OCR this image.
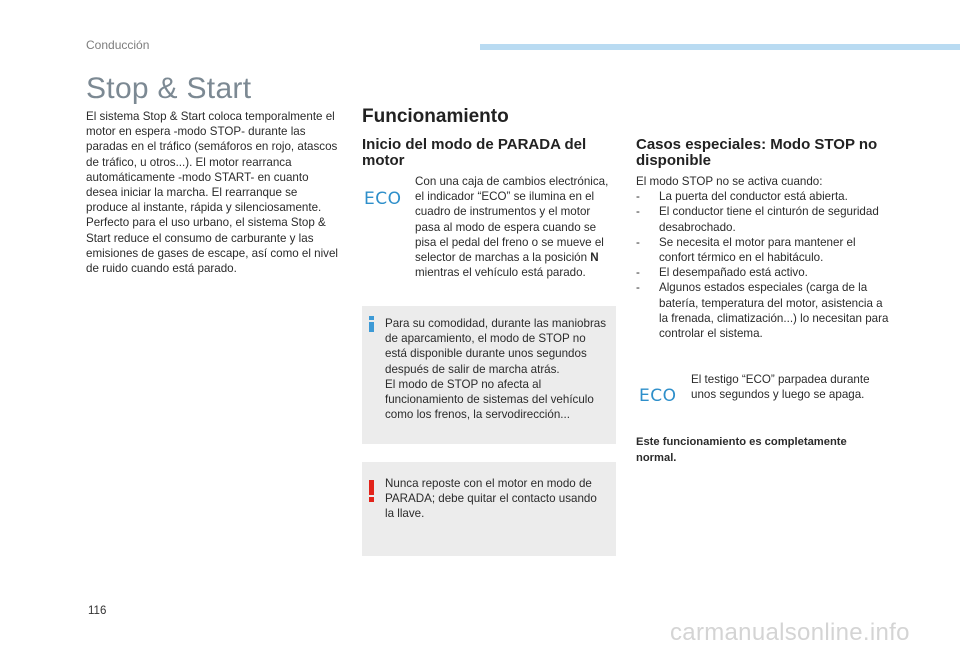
Conducción
Stop & Start

El sistema Stop & Start coloca temporalmente el motor en espera -modo STOP- durante las paradas en el tráfico (semáforos en rojo, atascos de tráfico, u otros...). El motor rearranca automáticamente -modo START- en cuanto desea iniciar la marcha. El rearranque se produce al instante, rápida y silenciosamente.

Perfecto para el uso urbano, el sistema Stop & Start reduce el consumo de carburante y las emisiones de gases de escape, así como el nivel de ruido cuando está parado.

Funcionamiento
Inicio del modo de PARADA del motor
ECO

Con una caja de cambios electrónica, el indicador “ECO” se ilumina en el cuadro de instrumentos y el motor pasa al modo de espera cuando se pisa el pedal del freno o se mueve el selector de marchas a la posición N mientras el vehículo está parado.

Para su comodidad, durante las maniobras de aparcamiento, el modo de STOP no está disponible durante unos segundos después de salir de marcha atrás.

El modo de STOP no afecta al funcionamiento de sistemas del vehículo como los frenos, la servodirección...

Nunca reposte con el motor en modo de PARADA; debe quitar el contacto usando la llave.

Casos especiales: Modo STOP no disponible

El modo STOP no se activa cuando:

- La puerta del conductor está abierta.
- El conductor tiene el cinturón de seguridad desabrochado.
- Se necesita el motor para mantener el confort térmico en el habitáculo.
- El desempañado está activo.
- Algunos estados especiales (carga de la batería, temperatura del motor, asistencia a la frenada, climatización...) lo necesitan para controlar el sistema.
ECO

El testigo “ECO” parpadea durante unos segundos y luego se apaga.

Este funcionamiento es completamente normal.

116
carmanualsonline.info
